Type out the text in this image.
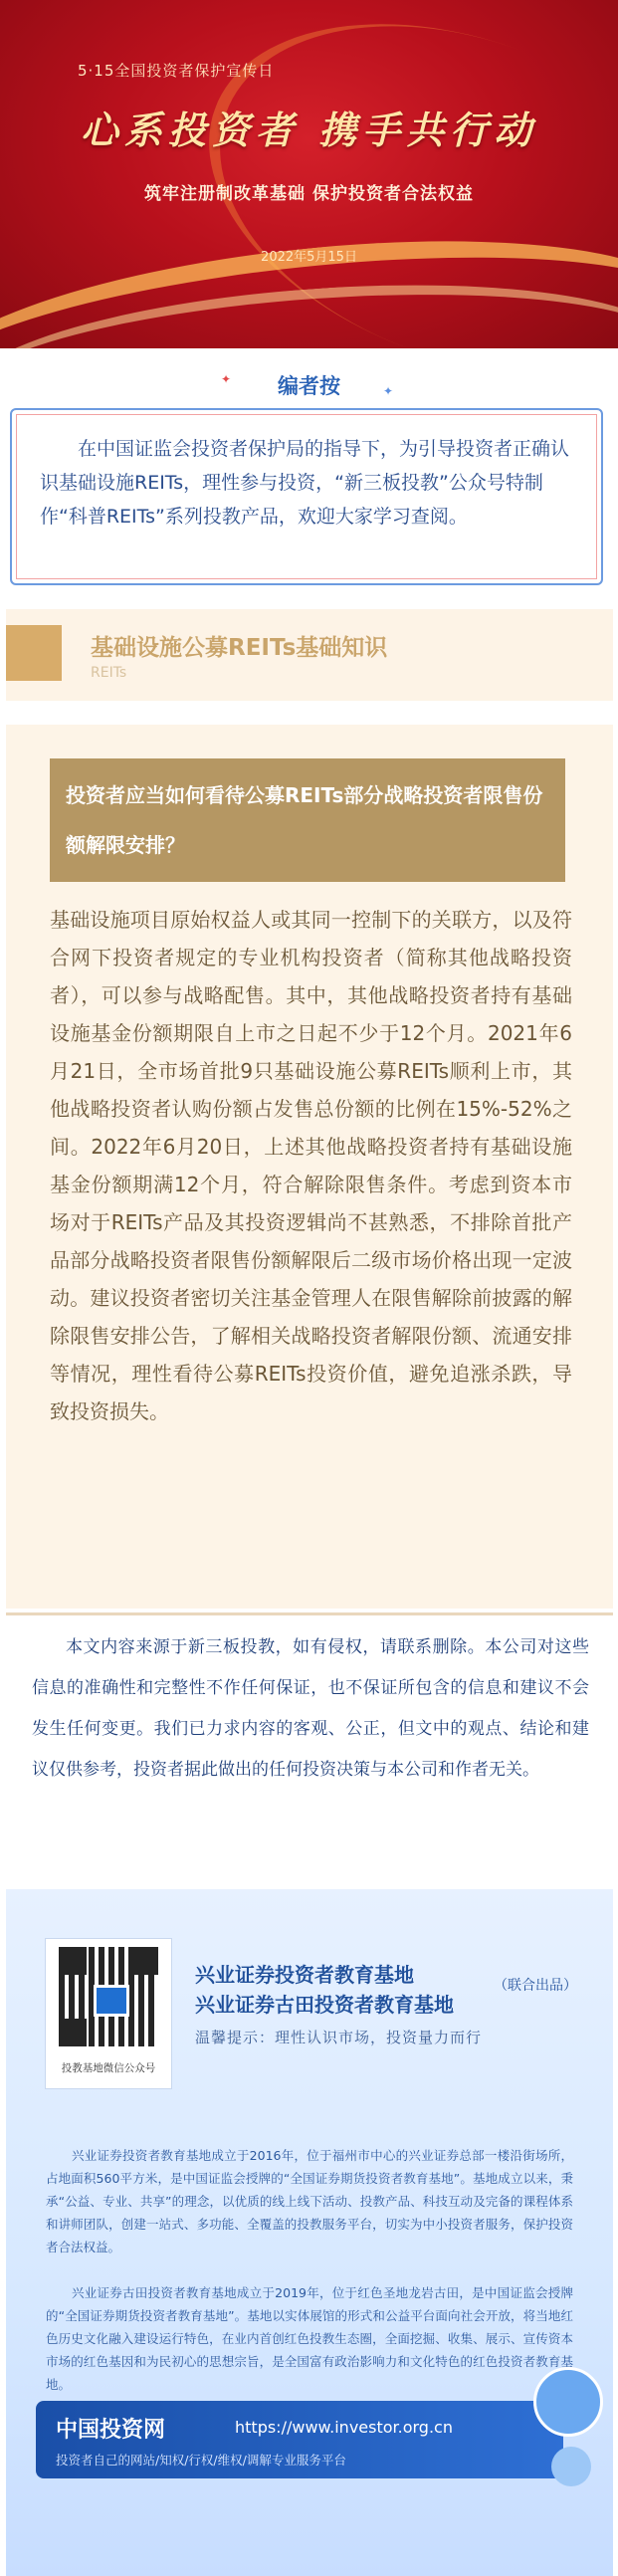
5·15全国投资者保护宣传日
心系投资者 携手共行动
筑牢注册制改革基础 保护投资者合法权益
2022年5月15日
✦ 编者按	✦
在中国证监会投资者保护局的指导下，为引导投资者正确认识基础设施REITs，理性参与投资，“新三板投教”公众号特制作“科普REITs”系列投教产品，欢迎大家学习查阅。
基础设施公募REITs基础知识
REITs
投资者应当如何看待公募REITs部分战略投资者限售份额解限安排？
基础设施项目原始权益人或其同一控制下的关联方，以及符合网下投资者规定的专业机构投资者（简称其他战略投资者），可以参与战略配售。其中，其他战略投资者持有基础设施基金份额期限自上市之日起不少于12个月。2021年6月21日，全市场首批9只基础设施公募REITs顺利上市，其他战略投资者认购份额占发售总份额的比例在15%-52%之间。2022年6月20日，上述其他战略投资者持有基础设施基金份额期满12个月，符合解除限售条件。考虑到资本市场对于REITs产品及其投资逻辑尚不甚熟悉，不排除首批产品部分战略投资者限售份额解限后二级市场价格出现一定波动。建议投资者密切关注基金管理人在限售解除前披露的解除限售安排公告，了解相关战略投资者解限份额、流通安排等情况，理性看待公募REITs投资价值，避免追涨杀跌，导致投资损失。
本文内容来源于新三板投教，如有侵权，请联系删除。本公司对这些信息的准确性和完整性不作任何保证，也不保证所包含的信息和建议不会发生任何变更。我们已力求内容的客观、公正，但文中的观点、结论和建议仅供参考，投资者据此做出的任何投资决策与本公司和作者无关。
投教基地微信公众号
兴业证券投资者教育基地
兴业证券古田投资者教育基地
（联合出品）
温馨提示：理性认识市场，投资量力而行
兴业证券投资者教育基地成立于2016年，位于福州市中心的兴业证券总部一楼沿街场所，占地面积560平方米，是中国证监会授牌的“全国证券期货投资者教育基地”。基地成立以来，秉承“公益、专业、共享”的理念，以优质的线上线下活动、投教产品、科技互动及完备的课程体系和讲师团队，创建一站式、多功能、全覆盖的投教服务平台，切实为中小投资者服务，保护投资者合法权益。
兴业证券古田投资者教育基地成立于2019年，位于红色圣地龙岩古田，是中国证监会授牌的“全国证券期货投资者教育基地”。基地以实体展馆的形式和公益平台面向社会开放，将当地红色历史文化融入建设运行特色，在业内首创红色投教生态圈，全面挖掘、收集、展示、宣传资本市场的红色基因和为民初心的思想宗旨，是全国富有政治影响力和文化特色的红色投资者教育基地。
中国投资网	https://www.investor.org.cn
投资者自己的网站/知权/行权/维权/调解专业服务平台
